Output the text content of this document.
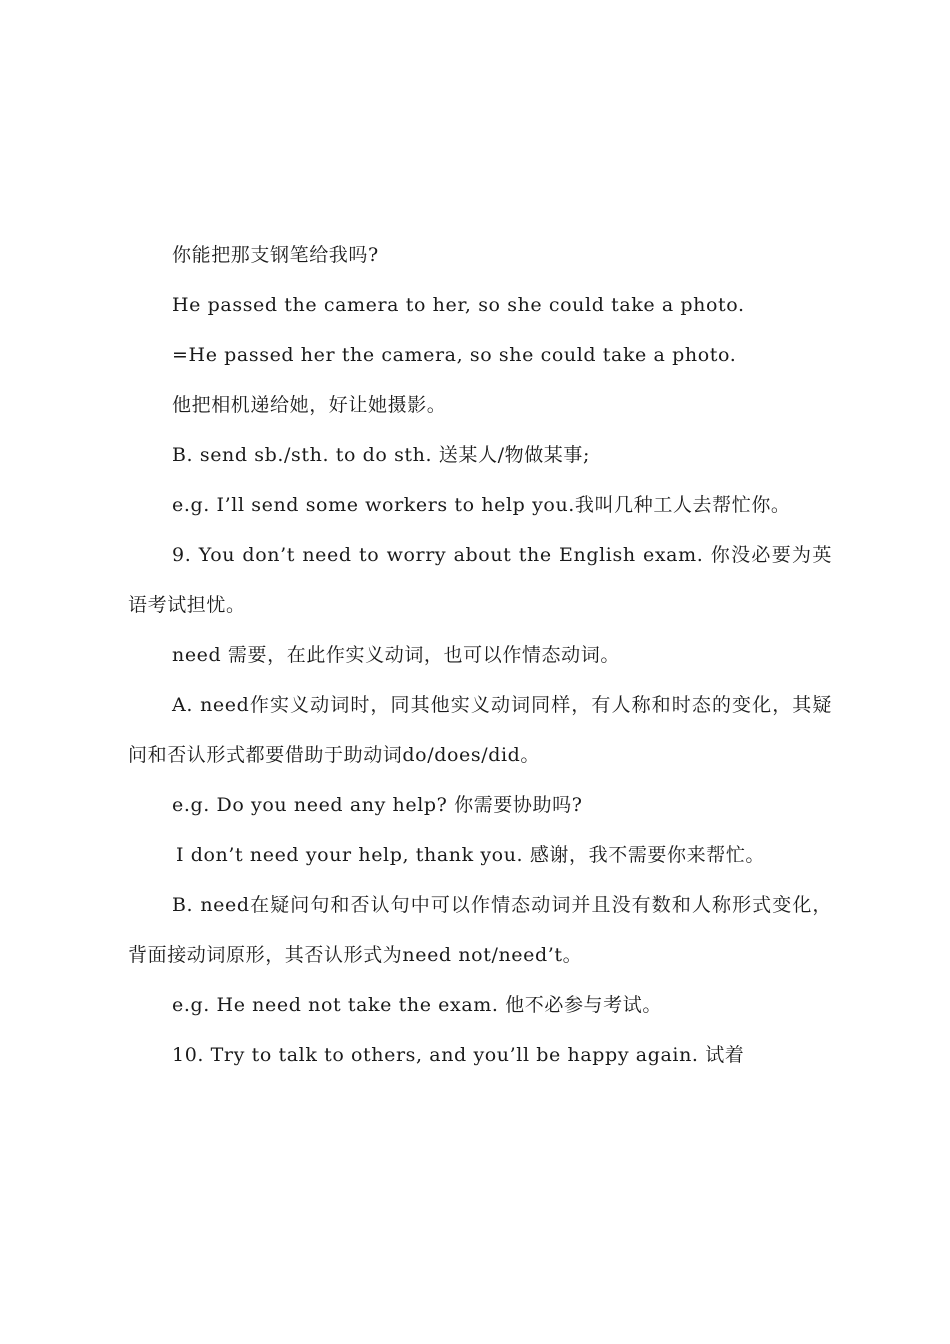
你能把那支钢笔给我吗?

He passed the camera to her, so she could take a photo.

=He passed her the camera, so she could take a photo.

他把相机递给她，好让她摄影。

B. send sb./sth. to do sth. 送某人/物做某事;

e.g. I’ll send some workers to help you.我叫几种工人去帮忙你。

9. You don’t need to worry about the English exam. 你没必要为英语考试担忧。

need 需要，在此作实义动词，也可以作情态动词。

A. need作实义动词时，同其他实义动词同样，有人称和时态的变化，其疑问和否认形式都要借助于助动词do/does/did。

e.g. Do you need any help? 你需要协助吗?

I don’t need your help, thank you. 感谢，我不需要你来帮忙。

B. need在疑问句和否认句中可以作情态动词并且没有数和人称形式变化，背面接动词原形，其否认形式为need not/need’t。

e.g. He need not take the exam. 他不必参与考试。

10. Try to talk to others, and you’ll be happy again. 试着
